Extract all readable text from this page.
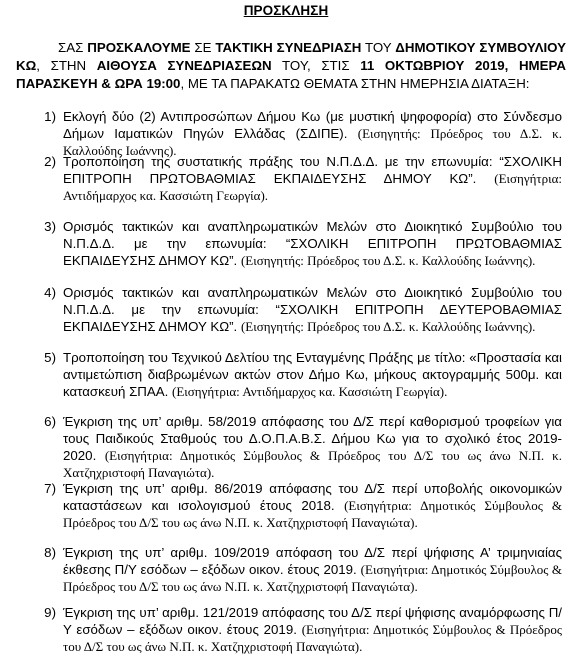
ΠΡΟΣΚΛΗΣΗ

ΣΑΣ ΠΡΟΣΚΑΛΟΥΜΕ ΣΕ ΤΑΚΤΙΚΗ ΣΥΝΕΔΡΙΑΣΗ ΤΟΥ ΔΗΜΟΤΙΚΟΥ ΣΥΜΒΟΥΛΙΟΥ ΚΩ, ΣΤΗΝ ΑΙΘΟΥΣΑ ΣΥΝΕΔΡΙΑΣΕΩΝ ΤΟΥ, ΣΤΙΣ 11 ΟΚΤΩΒΡΙΟΥ 2019, ΗΜΕΡΑ ΠΑΡΑΣΚΕΥΗ & ΩΡΑ 19:00, ΜΕ ΤΑ ΠΑΡΑΚΑΤΩ ΘΕΜΑΤΑ ΣΤΗΝ ΗΜΕΡΗΣΙΑ ΔΙΑΤΑΞΗ:

1) Εκλογή δύο (2) Αντιπροσώπων Δήμου Κω (με μυστική ψηφοφορία) στο Σύνδεσμο Δήμων Ιαματικών Πηγών Ελλάδας (ΣΔΙΠΕ). (Εισηγητής: Πρόεδρος του Δ.Σ. κ. Καλλούδης Ιωάννης).
2) Τροποποίηση της συστατικής πράξης του Ν.Π.Δ.Δ. με την επωνυμία: “ΣΧΟΛΙΚΗ ΕΠΙΤΡΟΠΗ ΠΡΩΤΟΒΑΘΜΙΑΣ ΕΚΠΑΙΔΕΥΣΗΣ ΔΗΜΟΥ ΚΩ”. (Εισηγήτρια: Αντιδήμαρχος κα. Κασσιώτη Γεωργία).
3) Ορισμός τακτικών και αναπληρωματικών Μελών στο Διοικητικό Συμβούλιο του Ν.Π.Δ.Δ. με την επωνυμία: “ΣΧΟΛΙΚΗ ΕΠΙΤΡΟΠΗ ΠΡΩΤΟΒΑΘΜΙΑΣ ΕΚΠΑΙΔΕΥΣΗΣ ΔΗΜΟΥ ΚΩ”. (Εισηγητής: Πρόεδρος του Δ.Σ. κ. Καλλούδης Ιωάννης).
4) Ορισμός τακτικών και αναπληρωματικών Μελών στο Διοικητικό Συμβούλιο του Ν.Π.Δ.Δ. με την επωνυμία: “ΣΧΟΛΙΚΗ ΕΠΙΤΡΟΠΗ ΔΕΥΤΕΡΟΒΑΘΜΙΑΣ ΕΚΠΑΙΔΕΥΣΗΣ ΔΗΜΟΥ ΚΩ”. (Εισηγητής: Πρόεδρος του Δ.Σ. κ. Καλλούδης Ιωάννης).
5) Τροποποίηση του Τεχνικού Δελτίου της Ενταγμένης Πράξης με τίτλο: «Προστασία και αντιμετώπιση διαβρωμένων ακτών στον Δήμο Κω, μήκους ακτογραμμής 500μ. και κατασκευή ΣΠΑΑ. (Εισηγήτρια: Αντιδήμαρχος κα. Κασσιώτη Γεωργία).
6) Έγκριση της υπ’ αριθμ. 58/2019 απόφασης του Δ/Σ περί καθορισμού τροφείων για τους Παιδικούς Σταθμούς του Δ.Ο.Π.Α.Β.Σ. Δήμου Κω για το σχολικό έτος 2019-2020. (Εισηγήτρια: Δημοτικός Σύμβουλος & Πρόεδρος του Δ/Σ του ως άνω Ν.Π. κ. Χατζηχριστοφή Παναγιώτα).
7) Έγκριση της υπ’ αριθμ. 86/2019 απόφασης του Δ/Σ περί υποβολής οικονομικών καταστάσεων και ισολογισμού έτους 2018. (Εισηγήτρια: Δημοτικός Σύμβουλος & Πρόεδρος του Δ/Σ του ως άνω Ν.Π. κ. Χατζηχριστοφή Παναγιώτα).
8) Έγκριση της υπ’ αριθμ. 109/2019 απόφαση του Δ/Σ περί ψήφισης Α’ τριμηνιαίας έκθεσης Π/Υ εσόδων – εξόδων οικον. έτους 2019. (Εισηγήτρια: Δημοτικός Σύμβουλος & Πρόεδρος του Δ/Σ του ως άνω Ν.Π. κ. Χατζηχριστοφή Παναγιώτα).
9) Έγκριση της υπ’ αριθμ. 121/2019 απόφασης του Δ/Σ περί ψήφισης αναμόρφωσης Π/Υ εσόδων – εξόδων οικον. έτους 2019. (Εισηγήτρια: Δημοτικός Σύμβουλος & Πρόεδρος του Δ/Σ του ως άνω Ν.Π. κ. Χατζηχριστοφή Παναγιώτα).
